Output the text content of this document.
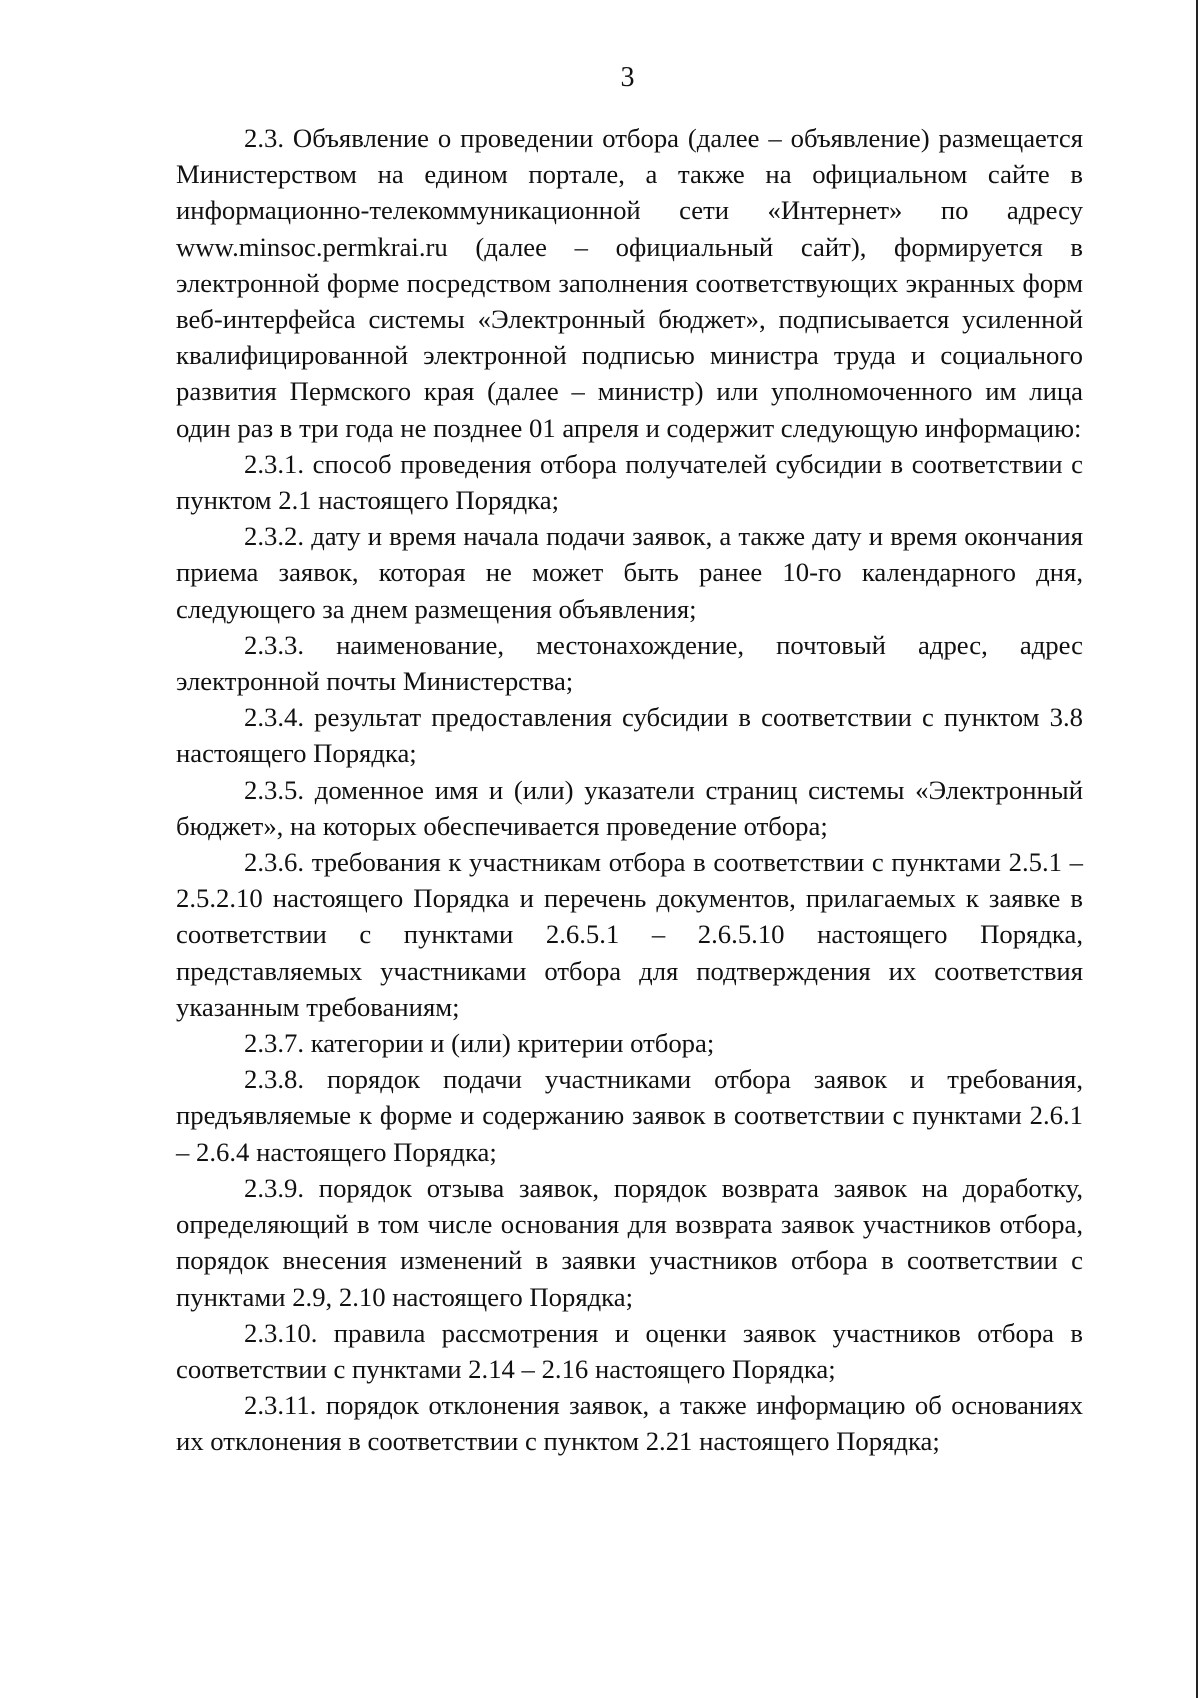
3

2.3. Объявление о проведении отбора (далее – объявление) размещается Министерством на едином портале, а также на официальном сайте в информационно-телекоммуникационной сети «Интернет» по адресу www.minsoc.permkrai.ru (далее – официальный сайт), формируется в электронной форме посредством заполнения соответствующих экранных форм веб-интерфейса системы «Электронный бюджет», подписывается усиленной квалифицированной электронной подписью министра труда и социального развития Пермского края (далее – министр) или уполномоченного им лица один раз в три года не позднее 01 апреля и содержит следующую информацию:

2.3.1. способ проведения отбора получателей субсидии в соответствии с пунктом 2.1 настоящего Порядка;

2.3.2. дату и время начала подачи заявок, а также дату и время окончания приема заявок, которая не может быть ранее 10-го календарного дня, следующего за днем размещения объявления;

2.3.3. наименование, местонахождение, почтовый адрес, адрес электронной почты Министерства;

2.3.4. результат предоставления субсидии в соответствии с пунктом 3.8 настоящего Порядка;

2.3.5. доменное имя и (или) указатели страниц системы «Электронный бюджет», на которых обеспечивается проведение отбора;

2.3.6. требования к участникам отбора в соответствии с пунктами 2.5.1 – 2.5.2.10 настоящего Порядка и перечень документов, прилагаемых к заявке в соответствии с пунктами 2.6.5.1 – 2.6.5.10 настоящего Порядка, представляемых участниками отбора для подтверждения их соответствия указанным требованиям;

2.3.7. категории и (или) критерии отбора;

2.3.8. порядок подачи участниками отбора заявок и требования, предъявляемые к форме и содержанию заявок в соответствии с пунктами 2.6.1 – 2.6.4 настоящего Порядка;

2.3.9. порядок отзыва заявок, порядок возврата заявок на доработку, определяющий в том числе основания для возврата заявок участников отбора, порядок внесения изменений в заявки участников отбора в соответствии с пунктами 2.9, 2.10 настоящего Порядка;

2.3.10. правила рассмотрения и оценки заявок участников отбора в соответствии с пунктами 2.14 – 2.16 настоящего Порядка;

2.3.11. порядок отклонения заявок, а также информацию об основаниях их отклонения в соответствии с пунктом 2.21 настоящего Порядка;
